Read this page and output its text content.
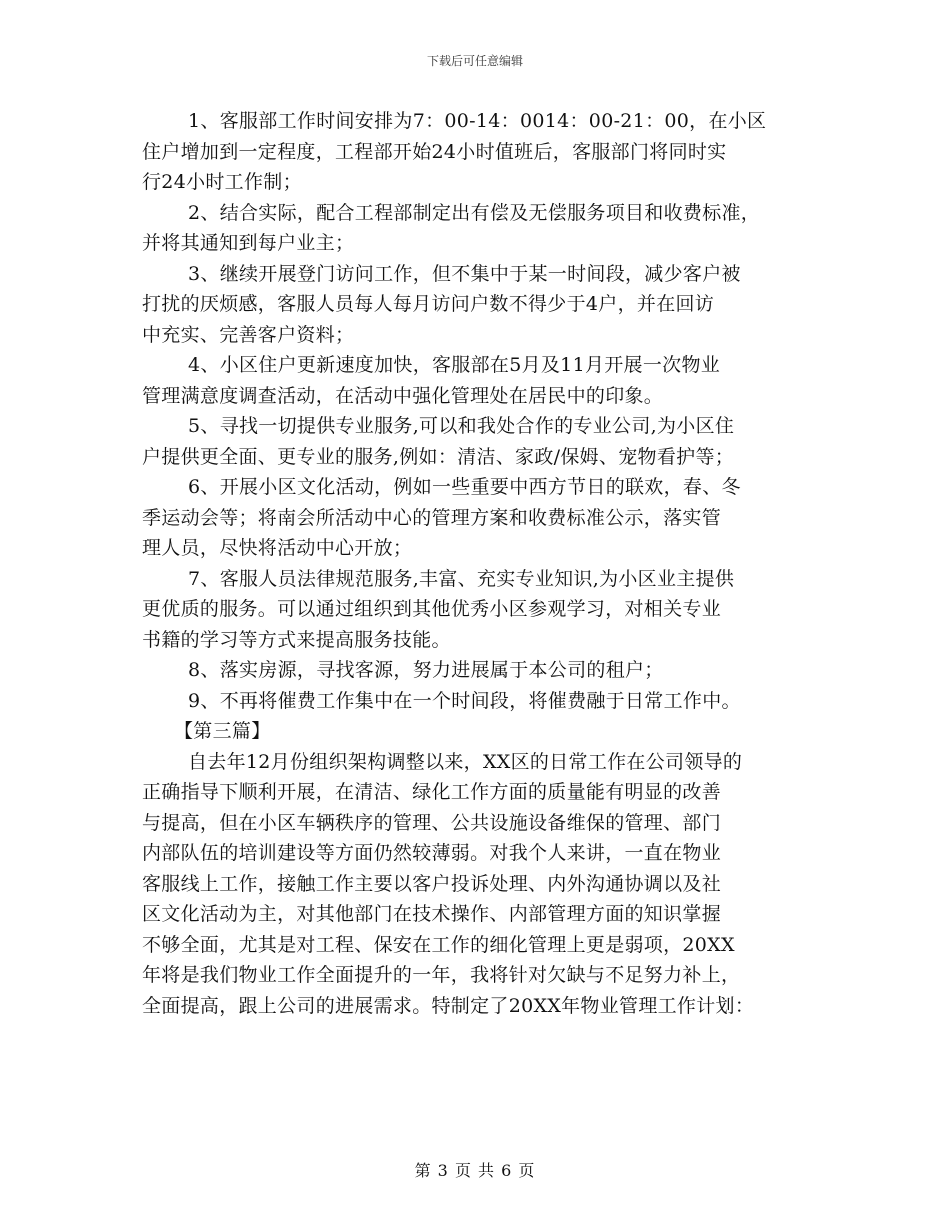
下载后可任意编辑
1、客服部工作时间安排为7：00-14：0014：00-21：00，在小区
住户增加到一定程度，工程部开始24小时值班后，客服部门将同时实
行24小时工作制；
2、结合实际，配合工程部制定出有偿及无偿服务项目和收费标准，
并将其通知到每户业主；
3、继续开展登门访问工作，但不集中于某一时间段，减少客户被
打扰的厌烦感，客服人员每人每月访问户数不得少于4户，并在回访
中充实、完善客户资料；
4、小区住户更新速度加快，客服部在5月及11月开展一次物业
管理满意度调查活动，在活动中强化管理处在居民中的印象。
5、寻找一切提供专业服务,可以和我处合作的专业公司,为小区住
户提供更全面、更专业的服务,例如：清洁、家政/保姆、宠物看护等；
6、开展小区文化活动，例如一些重要中西方节日的联欢，春、冬
季运动会等；将南会所活动中心的管理方案和收费标准公示，落实管
理人员，尽快将活动中心开放；
7、客服人员法律规范服务,丰富、充实专业知识,为小区业主提供
更优质的服务。可以通过组织到其他优秀小区参观学习，对相关专业
书籍的学习等方式来提高服务技能。
8、落实房源，寻找客源，努力进展属于本公司的租户；
9、不再将催费工作集中在一个时间段，将催费融于日常工作中。
【第三篇】
自去年12月份组织架构调整以来，XX区的日常工作在公司领导的
正确指导下顺利开展，在清洁、绿化工作方面的质量能有明显的改善
与提高，但在小区车辆秩序的管理、公共设施设备维保的管理、部门
内部队伍的培训建设等方面仍然较薄弱。对我个人来讲，一直在物业
客服线上工作，接触工作主要以客户投诉处理、内外沟通协调以及社
区文化活动为主，对其他部门在技术操作、内部管理方面的知识掌握
不够全面，尤其是对工程、保安在工作的细化管理上更是弱项，20XX
年将是我们物业工作全面提升的一年，我将针对欠缺与不足努力补上，
全面提高，跟上公司的进展需求。特制定了20XX年物业管理工作计划：
第 3 页 共 6 页
